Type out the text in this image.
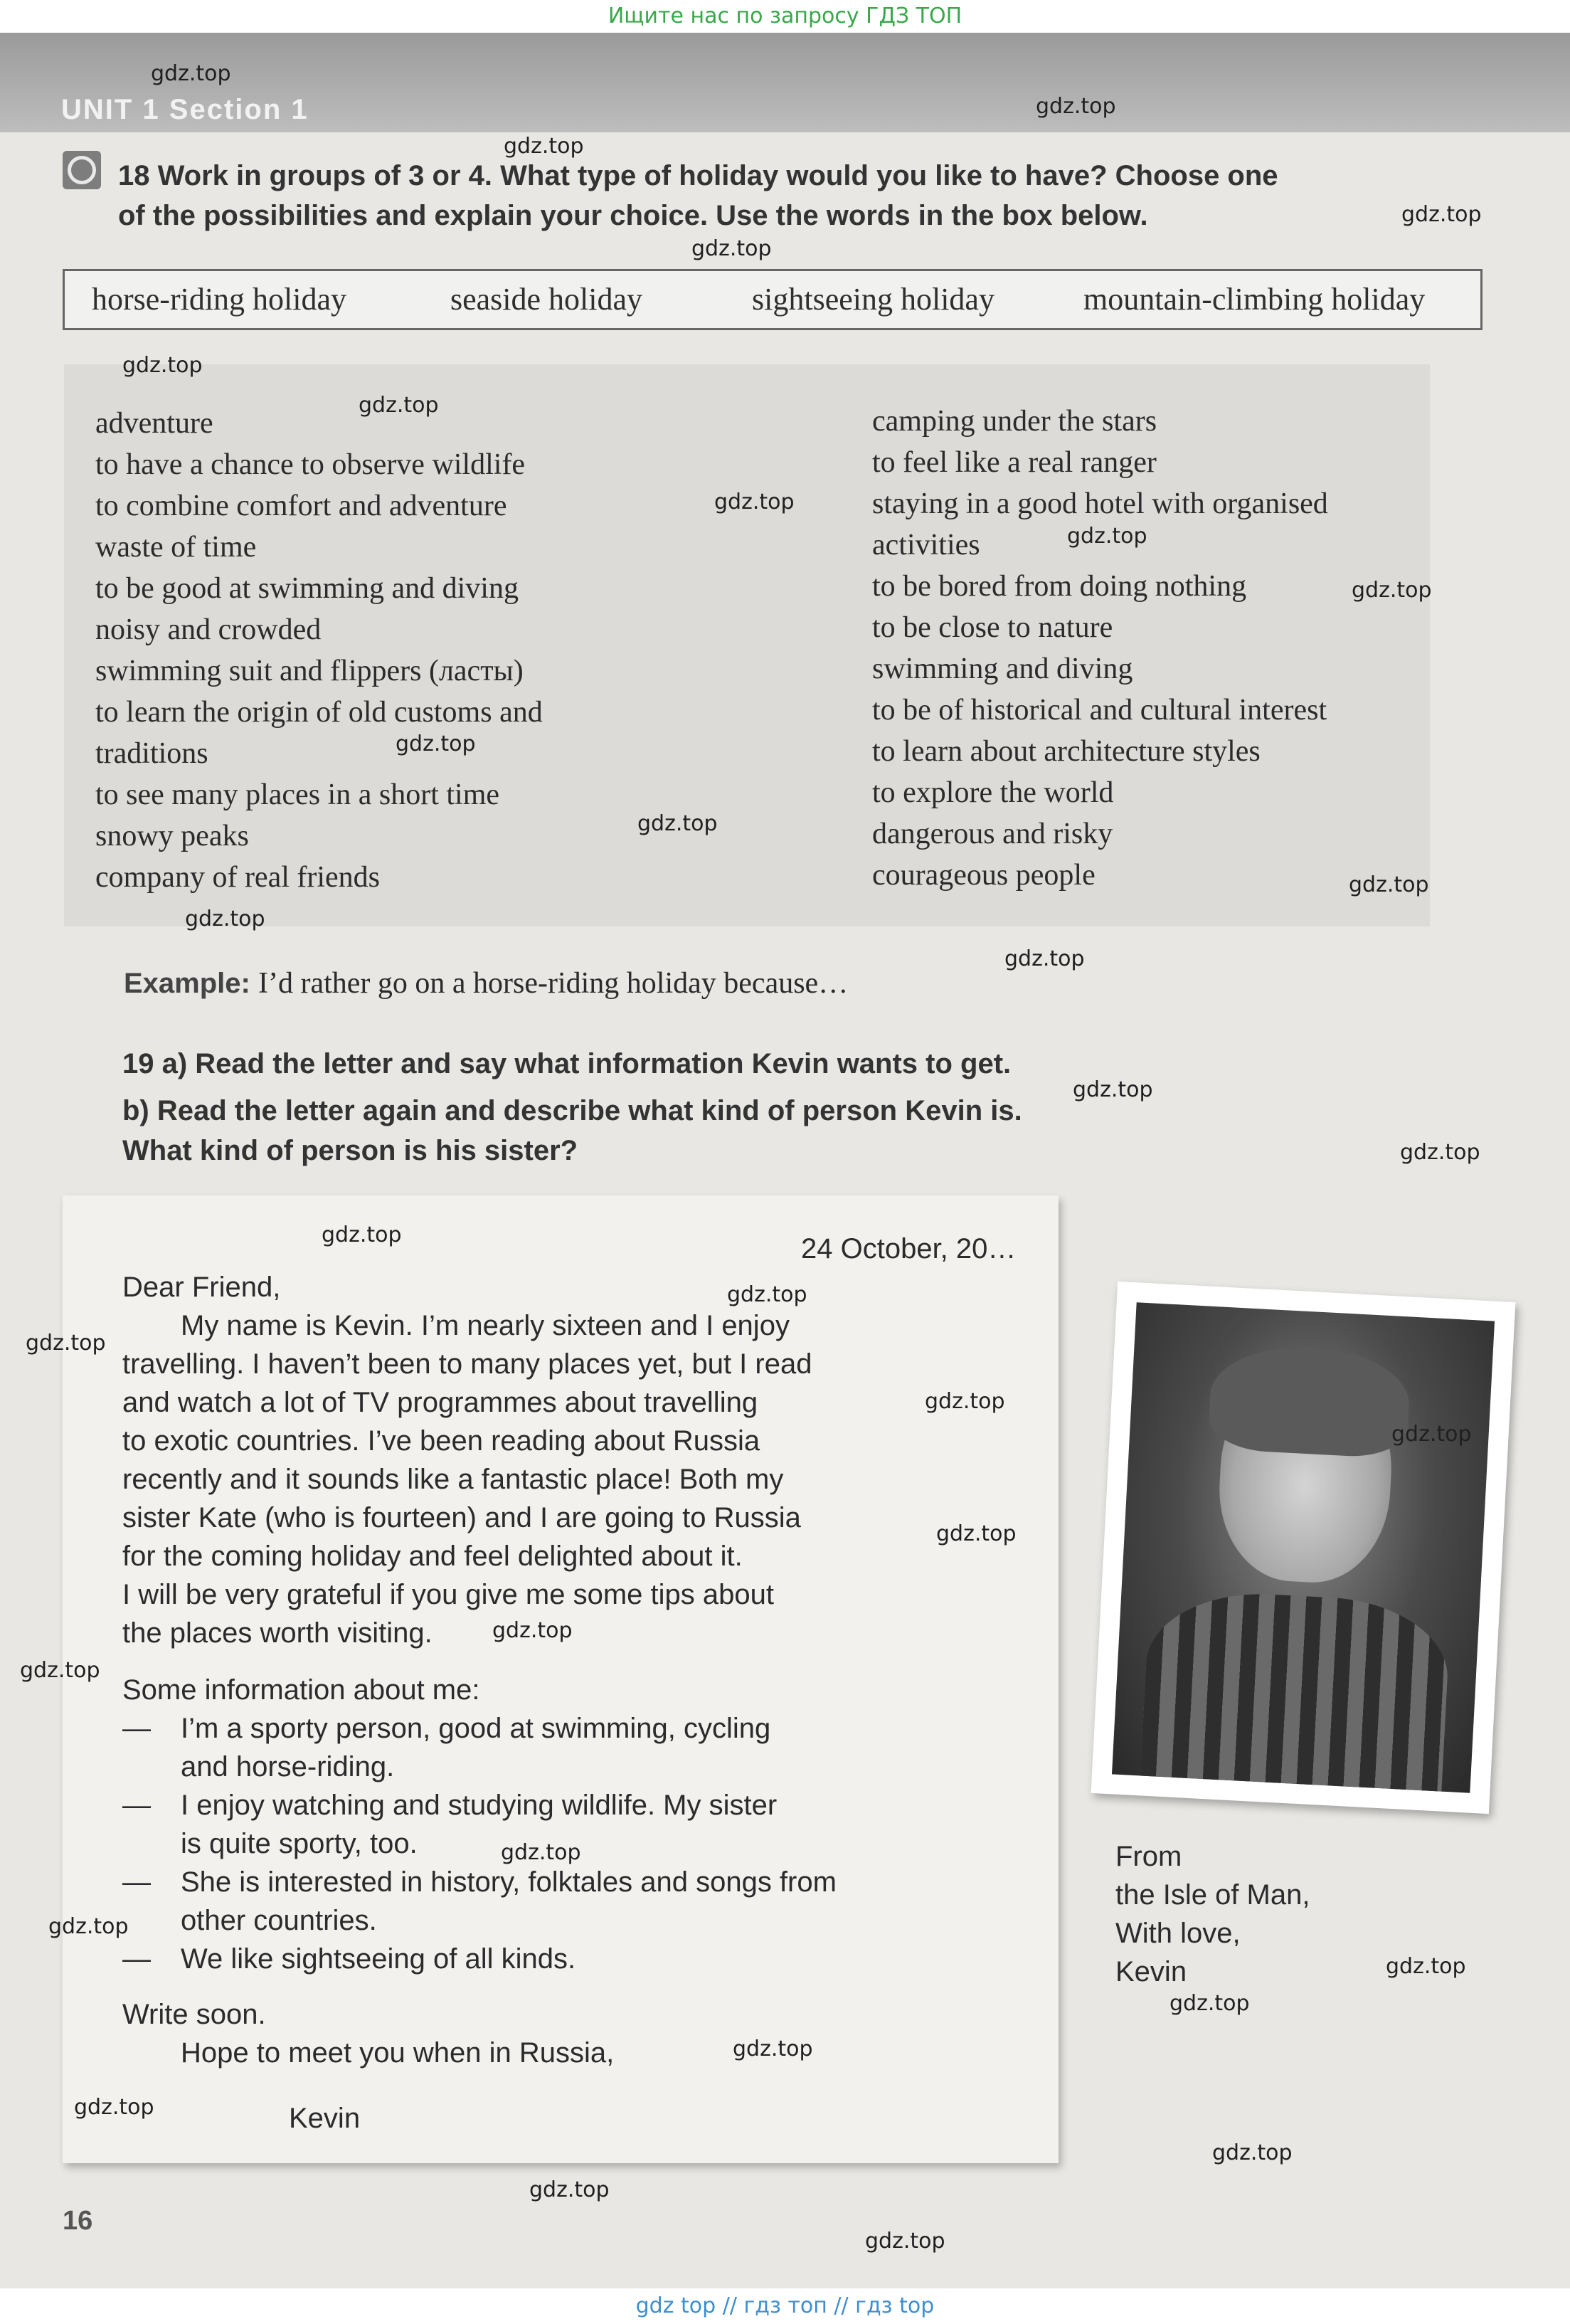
Ищите нас по запросу ГДЗ ТОП
UNIT 1 Section 1
18 Work in groups of 3 or 4. What type of holiday would you like to have? Choose one
of the possibilities and explain your choice. Use the words in the box below.
horse-riding holiday	seaside holiday	sightseeing holiday	mountain-climbing holiday
adventure
to have a chance to observe wildlife
to combine comfort and adventure
waste of time
to be good at swimming and diving
noisy and crowded
swimming suit and flippers (ласты)
to learn the origin of old customs and
traditions
to see many places in a short time
snowy peaks
company of real friends
camping under the stars
to feel like a real ranger
staying in a good hotel with organised
activities
to be bored from doing nothing
to be close to nature
swimming and diving
to be of historical and cultural interest
to learn about architecture styles
to explore the world
dangerous and risky
courageous people
Example: I’d rather go on a horse-riding holiday because…
19 a) Read the letter and say what information Kevin wants to get.
b) Read the letter again and describe what kind of person Kevin is.
What kind of person is his sister?
24 October, 20…
Dear Friend,
My name is Kevin. I’m nearly sixteen and I enjoy
travelling. I haven’t been to many places yet, but I read
and watch a lot of TV programmes about travelling
to exotic countries. I’ve been reading about Russia
recently and it sounds like a fantastic place! Both my
sister Kate (who is fourteen) and I are going to Russia
for the coming holiday and feel delighted about it.
I will be very grateful if you give me some tips about
the places worth visiting.
Some information about me:
— I’m a sporty person, good at swimming, cycling
and horse-riding.
— I enjoy watching and studying wildlife. My sister
is quite sporty, too.
— She is interested in history, folktales and songs from
other countries.
— We like sightseeing of all kinds.
Write soon.
Hope to meet you when in Russia,
Kevin
From
the Isle of Man,
With love,
Kevin
16
gdz.top
gdz.top
gdz.top
gdz.top
gdz.top
gdz.top
gdz.top
gdz.top
gdz.top
gdz.top
gdz.top
gdz.top
gdz.top
gdz.top
gdz.top
gdz.top
gdz.top
gdz.top
gdz.top
gdz.top
gdz.top
gdz.top
gdz.top
gdz.top
gdz.top
gdz.top
gdz.top
gdz.top
gdz.top
gdz.top
gdz.top
gdz.top
gdz.top
gdz.top
gdz top // гдз топ // гдз top
